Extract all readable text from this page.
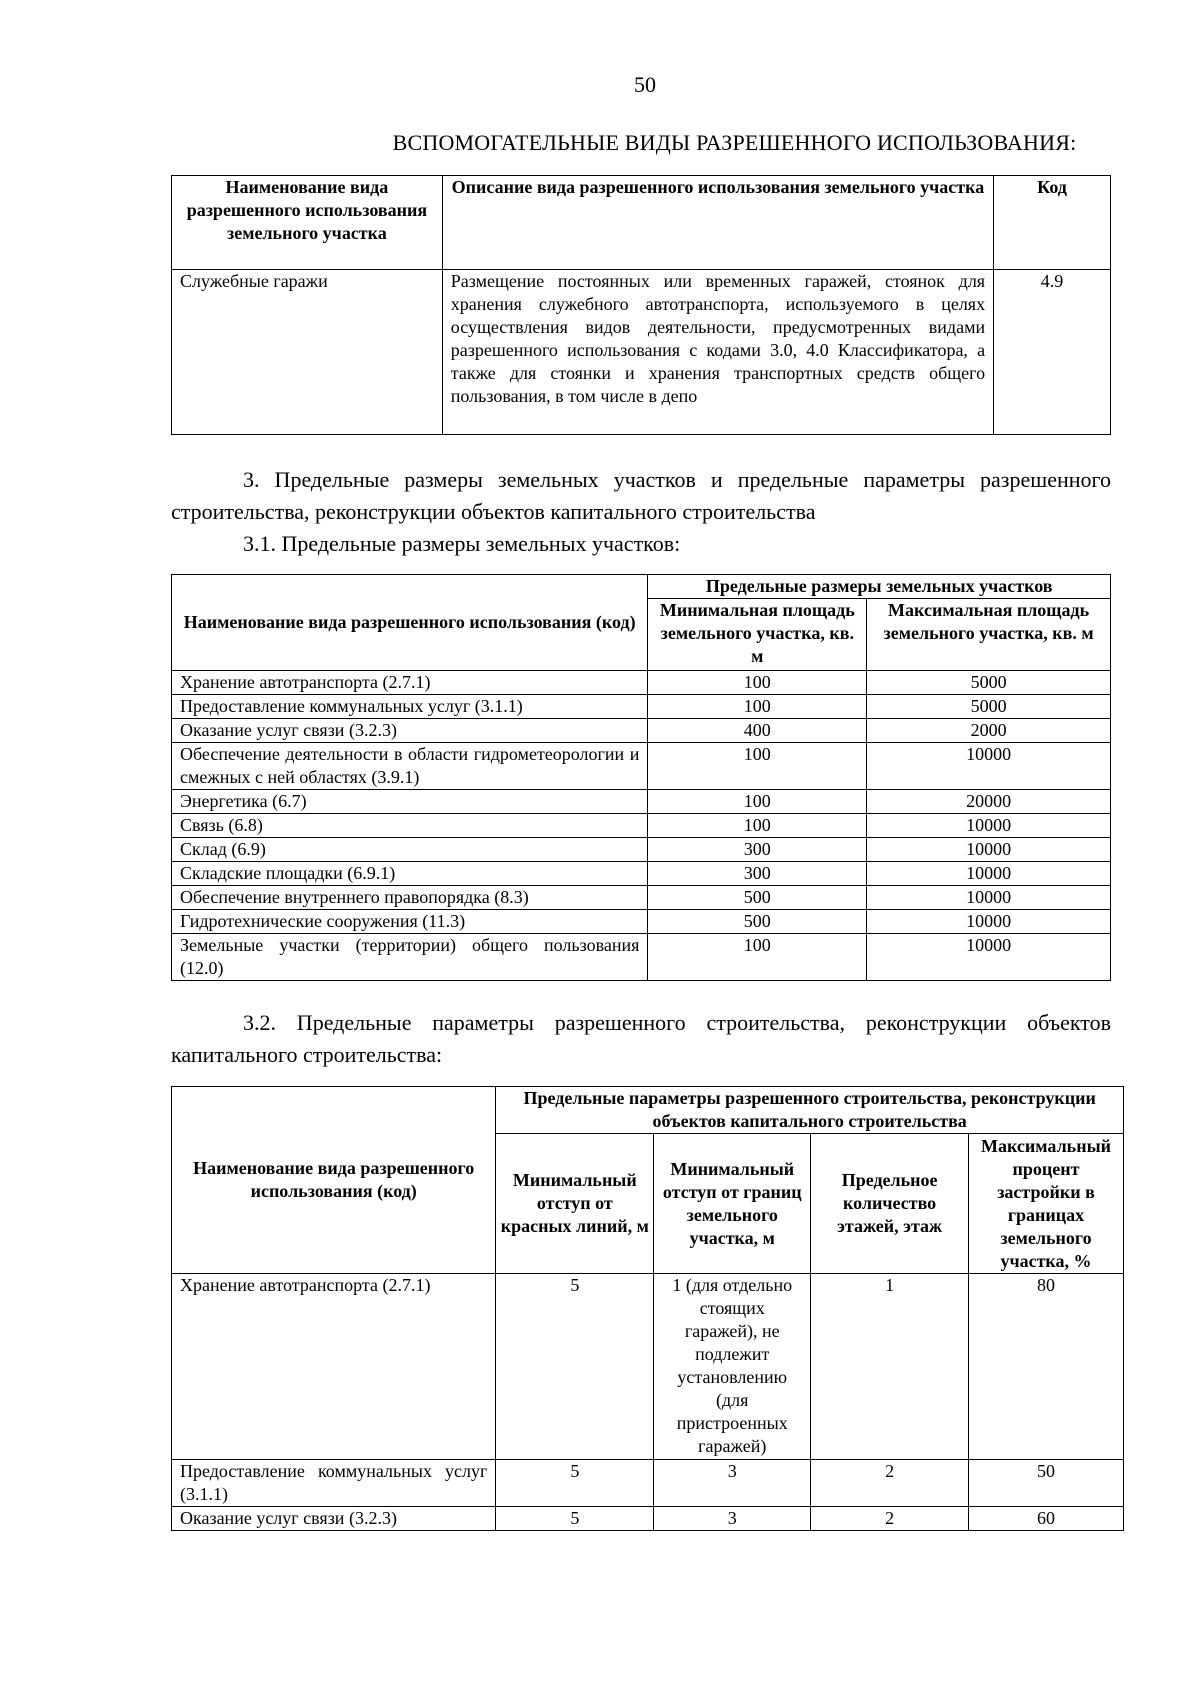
50
ВСПОМОГАТЕЛЬНЫЕ ВИДЫ РАЗРЕШЕННОГО ИСПОЛЬЗОВАНИЯ:
Наименование вида разрешенного использования земельного участка	Описание вида разрешенного использования земельного участка	Код
Служебные гаражи	Размещение постоянных или временных гаражей, стоянок для хранения служебного автотранспорта, используемого в целях осуществления видов деятельности, предусмотренных видами разрешенного использования с кодами 3.0, 4.0 Классификатора, а также для стоянки и хранения транспортных средств общего пользования, в том числе в депо	4.9
3. Предельные размеры земельных участков и предельные параметры разрешенного строительства, реконструкции объектов капитального строительства
3.1. Предельные размеры земельных участков:
Наименование вида разрешенного использования (код)	Предельные размеры земельных участков	
	Минимальная площадь земельного участка, кв. м	Максимальная площадь земельного участка, кв. м
Хранение автотранспорта (2.7.1)	100	5000
Предоставление коммунальных услуг (3.1.1)	100	5000
Оказание услуг связи (3.2.3)	400	2000
Обеспечение деятельности в области гидрометеорологии и смежных с ней областях (3.9.1)	100	10000
Энергетика (6.7)	100	20000
Связь (6.8)	100	10000
Склад (6.9)	300	10000
Складские площадки (6.9.1)	300	10000
Обеспечение внутреннего правопорядка (8.3)	500	10000
Гидротехнические сооружения (11.3)	500	10000
Земельные участки (территории) общего пользования (12.0)	100	10000
3.2. Предельные параметры разрешенного строительства, реконструкции объектов капитального строительства:
Наименование вида разрешенного использования (код)	Предельные параметры разрешенного строительства, реконструкции объектов капитального строительства			
	Минимальный отступ от красных линий, м	Минимальный отступ от границ земельного участка, м	Предельное количество этажей, этаж	Максимальный процент застройки в границах земельного участка, %
Хранение автотранспорта (2.7.1)	5	1 (для отдельно стоящих гаражей), не подлежит установлению (для пристроенных гаражей)	1	80
Предоставление коммунальных услуг (3.1.1)	5	3	2	50
Оказание услуг связи (3.2.3)	5	3	2	60
